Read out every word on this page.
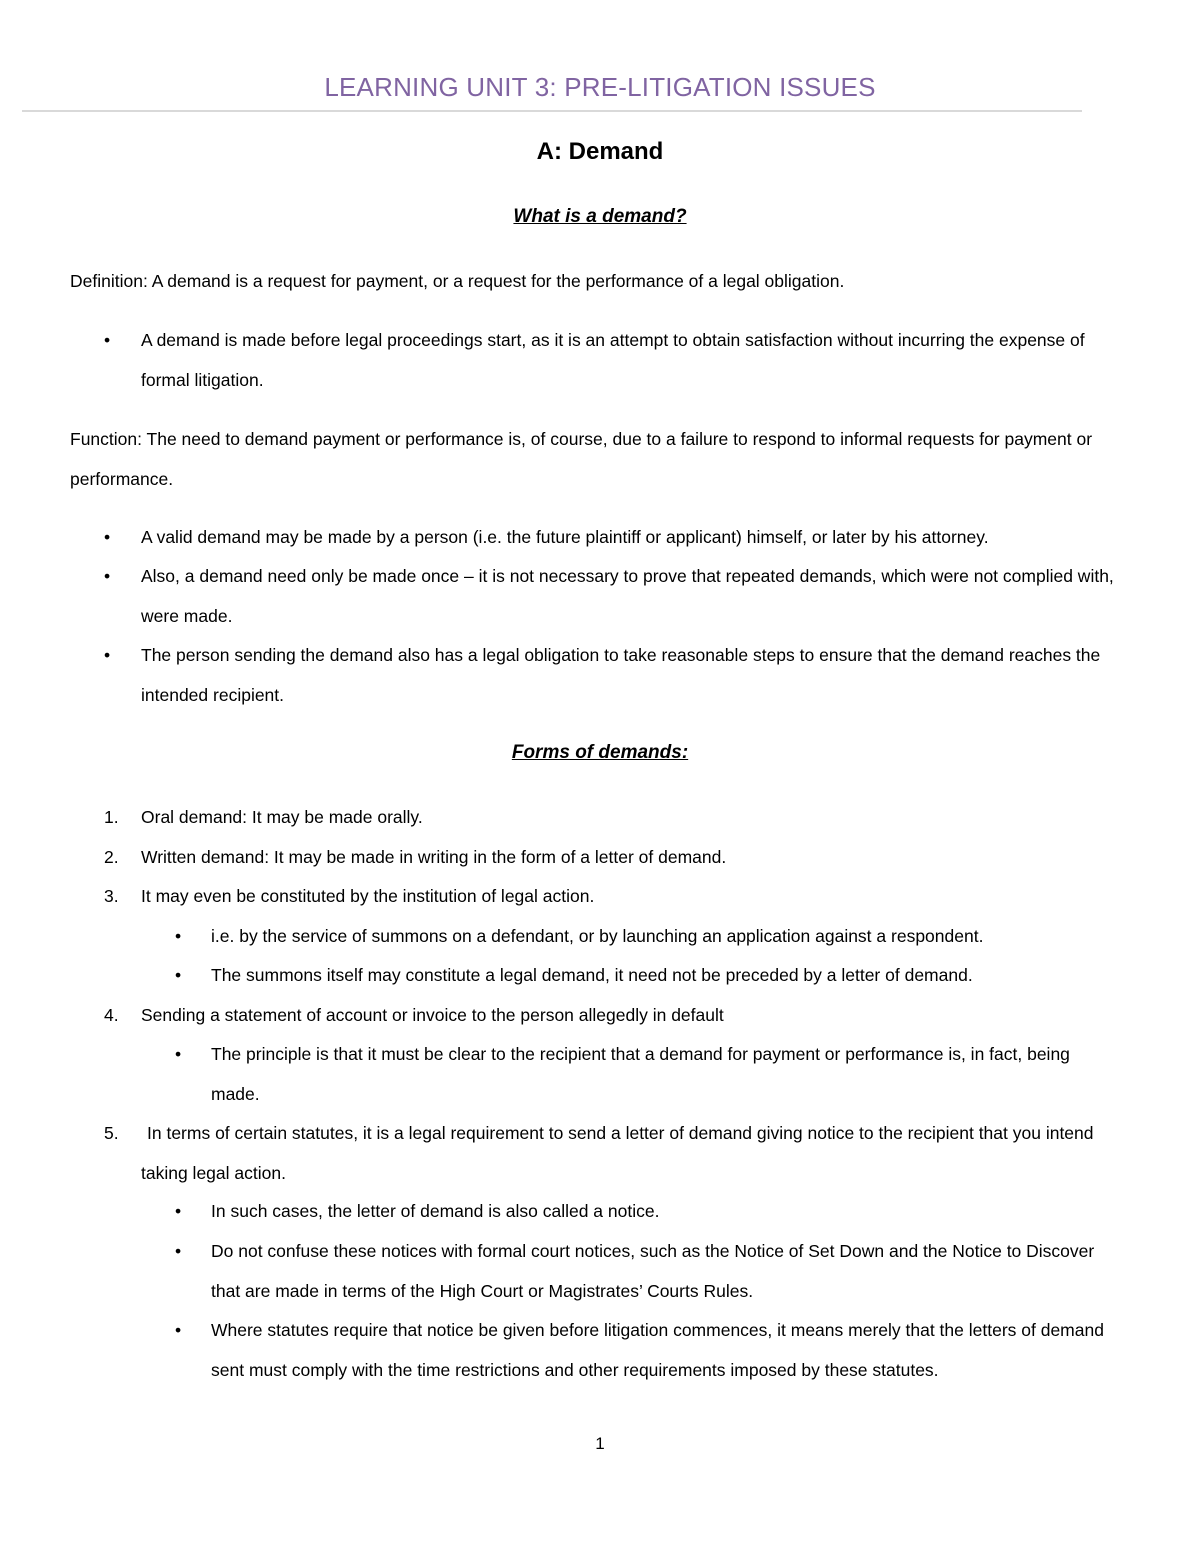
LEARNING UNIT 3: PRE-LITIGATION ISSUES
A: Demand
What is a demand?

Definition: A demand is a request for payment, or a request for the performance of a legal obligation.

• A demand is made before legal proceedings start, as it is an attempt to obtain satisfaction without incurring the expense of formal litigation.

Function: The need to demand payment or performance is, of course, due to a failure to respond to informal requests for payment or performance.

• A valid demand may be made by a person (i.e. the future plaintiff or applicant) himself, or later by his attorney.

• Also, a demand need only be made once – it is not necessary to prove that repeated demands, which were not complied with, were made.

• The person sending the demand also has a legal obligation to take reasonable steps to ensure that the demand reaches the intended recipient.

Forms of demands:
1. Oral demand: It may be made orally.

2. Written demand: It may be made in writing in the form of a letter of demand.

3. It may even be constituted by the institution of legal action.

• i.e. by the service of summons on a defendant, or by launching an application against a respondent.

• The summons itself may constitute a legal demand, it need not be preceded by a letter of demand.

4. Sending a statement of account or invoice to the person allegedly in default

• The principle is that it must be clear to the recipient that a demand for payment or performance is, in fact, being made.

5.	In terms of certain statutes, it is a legal requirement to send a letter of demand giving notice to the recipient that you intend taking legal action.

• In such cases, the letter of demand is also called a notice.

• Do not confuse these notices with formal court notices, such as the Notice of Set Down and the Notice to Discover that are made in terms of the High Court or Magistrates’ Courts Rules.

• Where statutes require that notice be given before litigation commences, it means merely that the letters of demand sent must comply with the time restrictions and other requirements imposed by these statutes.

1
